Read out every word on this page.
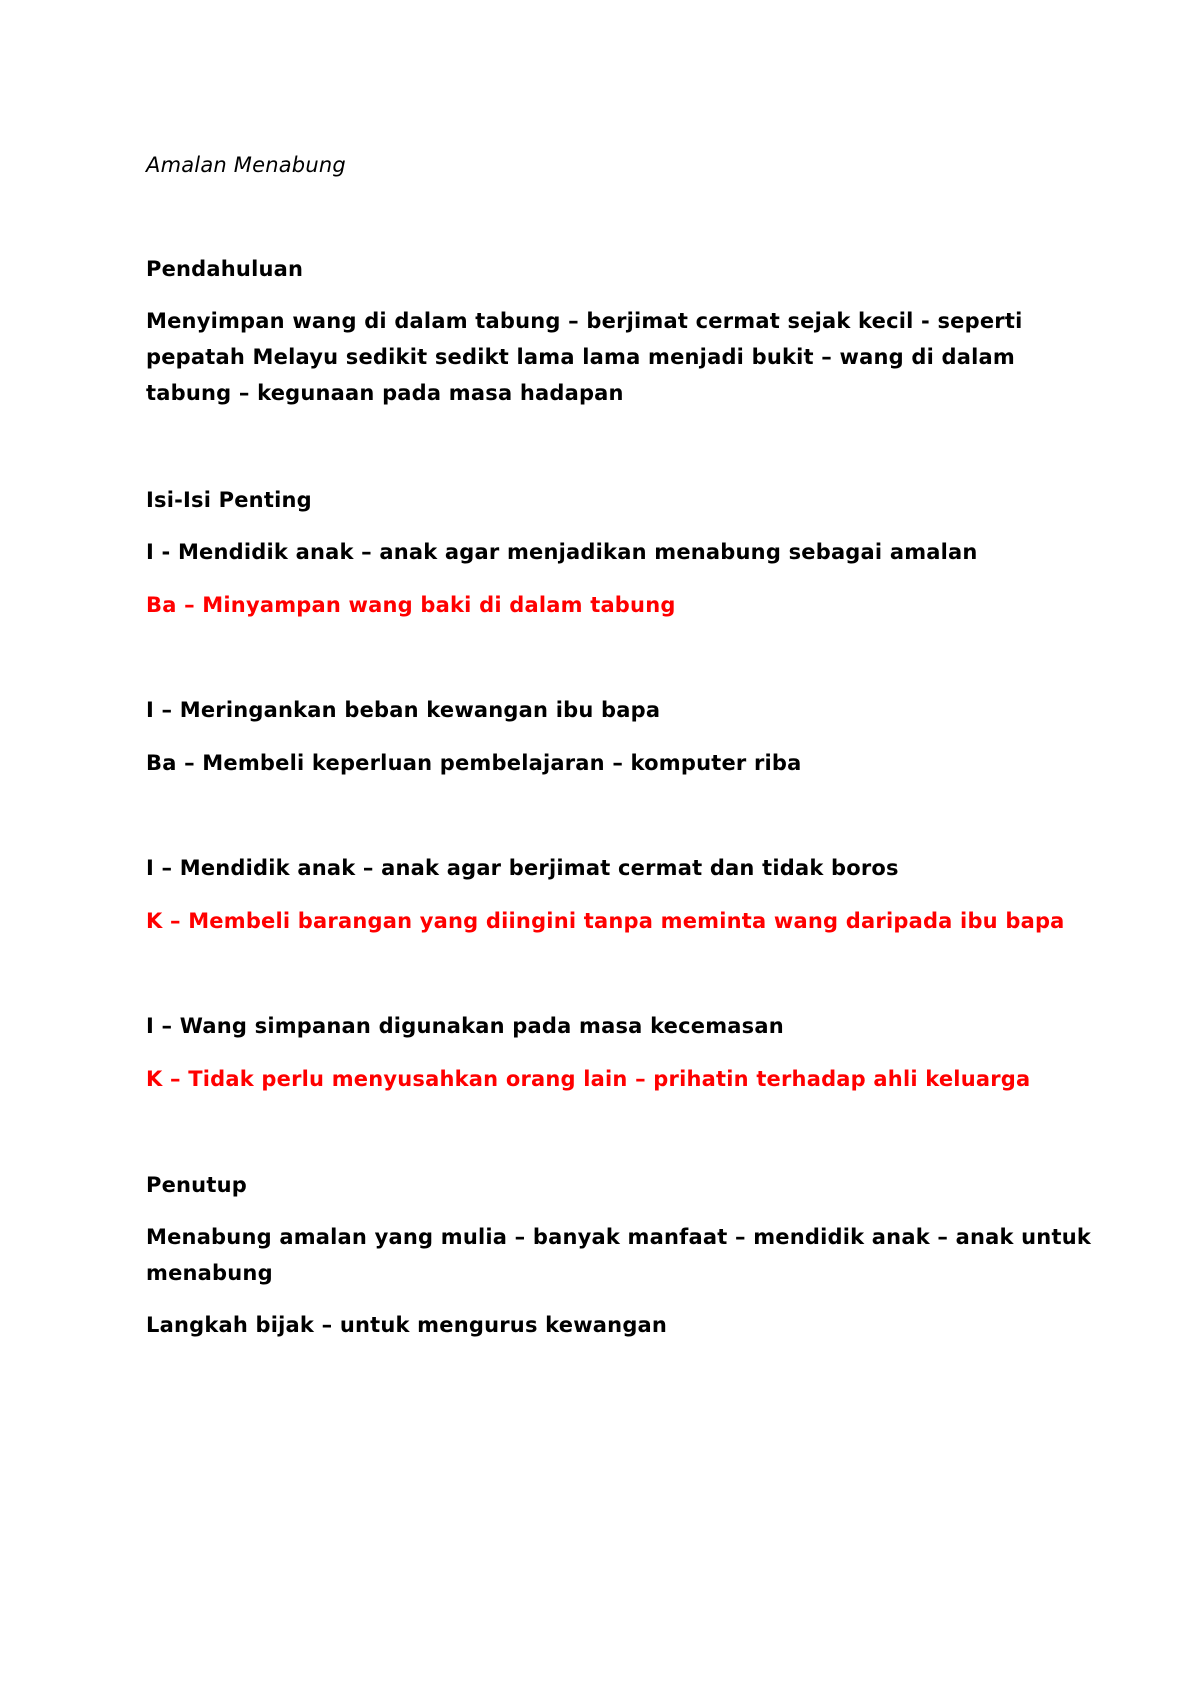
Amalan Menabung

Pendahuluan

Menyimpan wang di dalam tabung – berjimat cermat sejak kecil - seperti

pepatah Melayu sedikit sedikt lama lama menjadi bukit – wang di dalam

tabung – kegunaan pada masa hadapan

Isi-Isi Penting

I - Mendidik anak – anak agar menjadikan menabung sebagai amalan

Ba – Minyampan wang baki di dalam tabung

I – Meringankan beban kewangan ibu bapa

Ba – Membeli keperluan pembelajaran – komputer riba

I – Mendidik anak – anak agar berjimat cermat dan tidak boros

K – Membeli barangan yang diingini tanpa meminta wang daripada ibu bapa

I – Wang simpanan digunakan pada masa kecemasan

K – Tidak perlu menyusahkan orang lain – prihatin terhadap ahli keluarga

Penutup

Menabung amalan yang mulia – banyak manfaat – mendidik anak – anak untuk

menabung

Langkah bijak – untuk mengurus kewangan
